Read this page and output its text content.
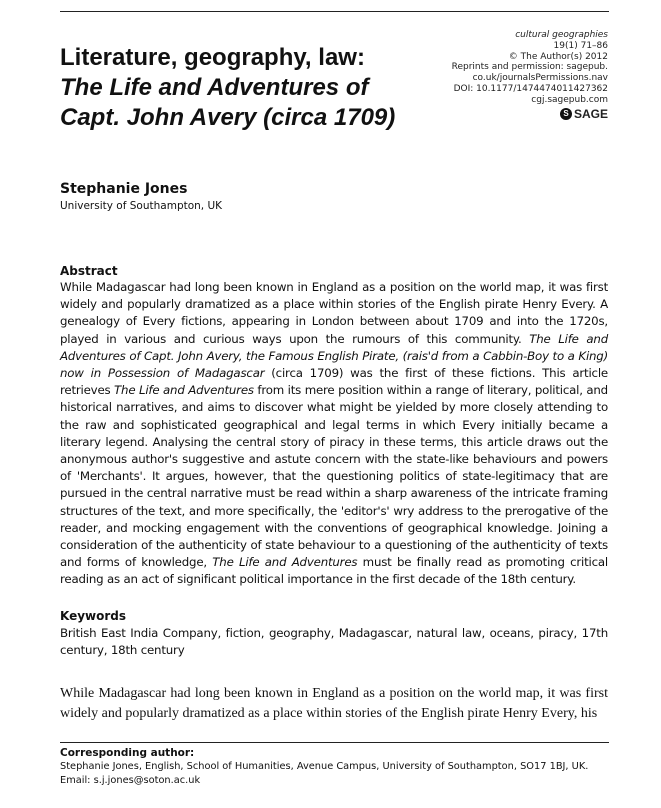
Literature, geography, law:
The Life and Adventures of
Capt. John Avery (circa 1709)
cultural geographies
19(1) 71–86
© The Author(s) 2012
Reprints and permission: sagepub.
co.uk/journalsPermissions.nav
DOI: 10.1177/1474474011427362
cgj.sagepub.com
S SAGE
Stephanie Jones
University of Southampton, UK
Abstract

While Madagascar had long been known in England as a position on the world map, it was first widely and popularly dramatized as a place within stories of the English pirate Henry Every. A genealogy of Every fictions, appearing in London between about 1709 and into the 1720s, played in various and curious ways upon the rumours of this community. The Life and Adventures of Capt. John Avery, the Famous English Pirate, (rais'd from a Cabbin-Boy to a King) now in Possession of Madagascar (circa 1709) was the first of these fictions. This article retrieves The Life and Adventures from its mere position within a range of literary, political, and historical narratives, and aims to discover what might be yielded by more closely attending to the raw and sophisticated geographical and legal terms in which Every initially became a literary legend. Analysing the central story of piracy in these terms, this article draws out the anonymous author's suggestive and astute concern with the state-like behaviours and powers of 'Merchants'. It argues, however, that the questioning politics of state-legitimacy that are pursued in the central narrative must be read within a sharp awareness of the intricate framing structures of the text, and more specifically, the 'editor's' wry address to the prerogative of the reader, and mocking engagement with the conventions of geographical knowledge. Joining a consideration of the authenticity of state behaviour to a questioning of the authenticity of texts and forms of knowledge, The Life and Adventures must be finally read as promoting critical reading as an act of significant political importance in the first decade of the 18th century.

Keywords
British East India Company, fiction, geography, Madagascar, natural law, oceans, piracy, 17th century, 18th century
While Madagascar had long been known in England as a position on the world map, it was first widely and popularly dramatized as a place within stories of the English pirate Henry Every, his
Corresponding author:
Stephanie Jones, English, School of Humanities, Avenue Campus, University of Southampton, SO17 1BJ, UK.
Email: s.j.jones@soton.ac.uk
